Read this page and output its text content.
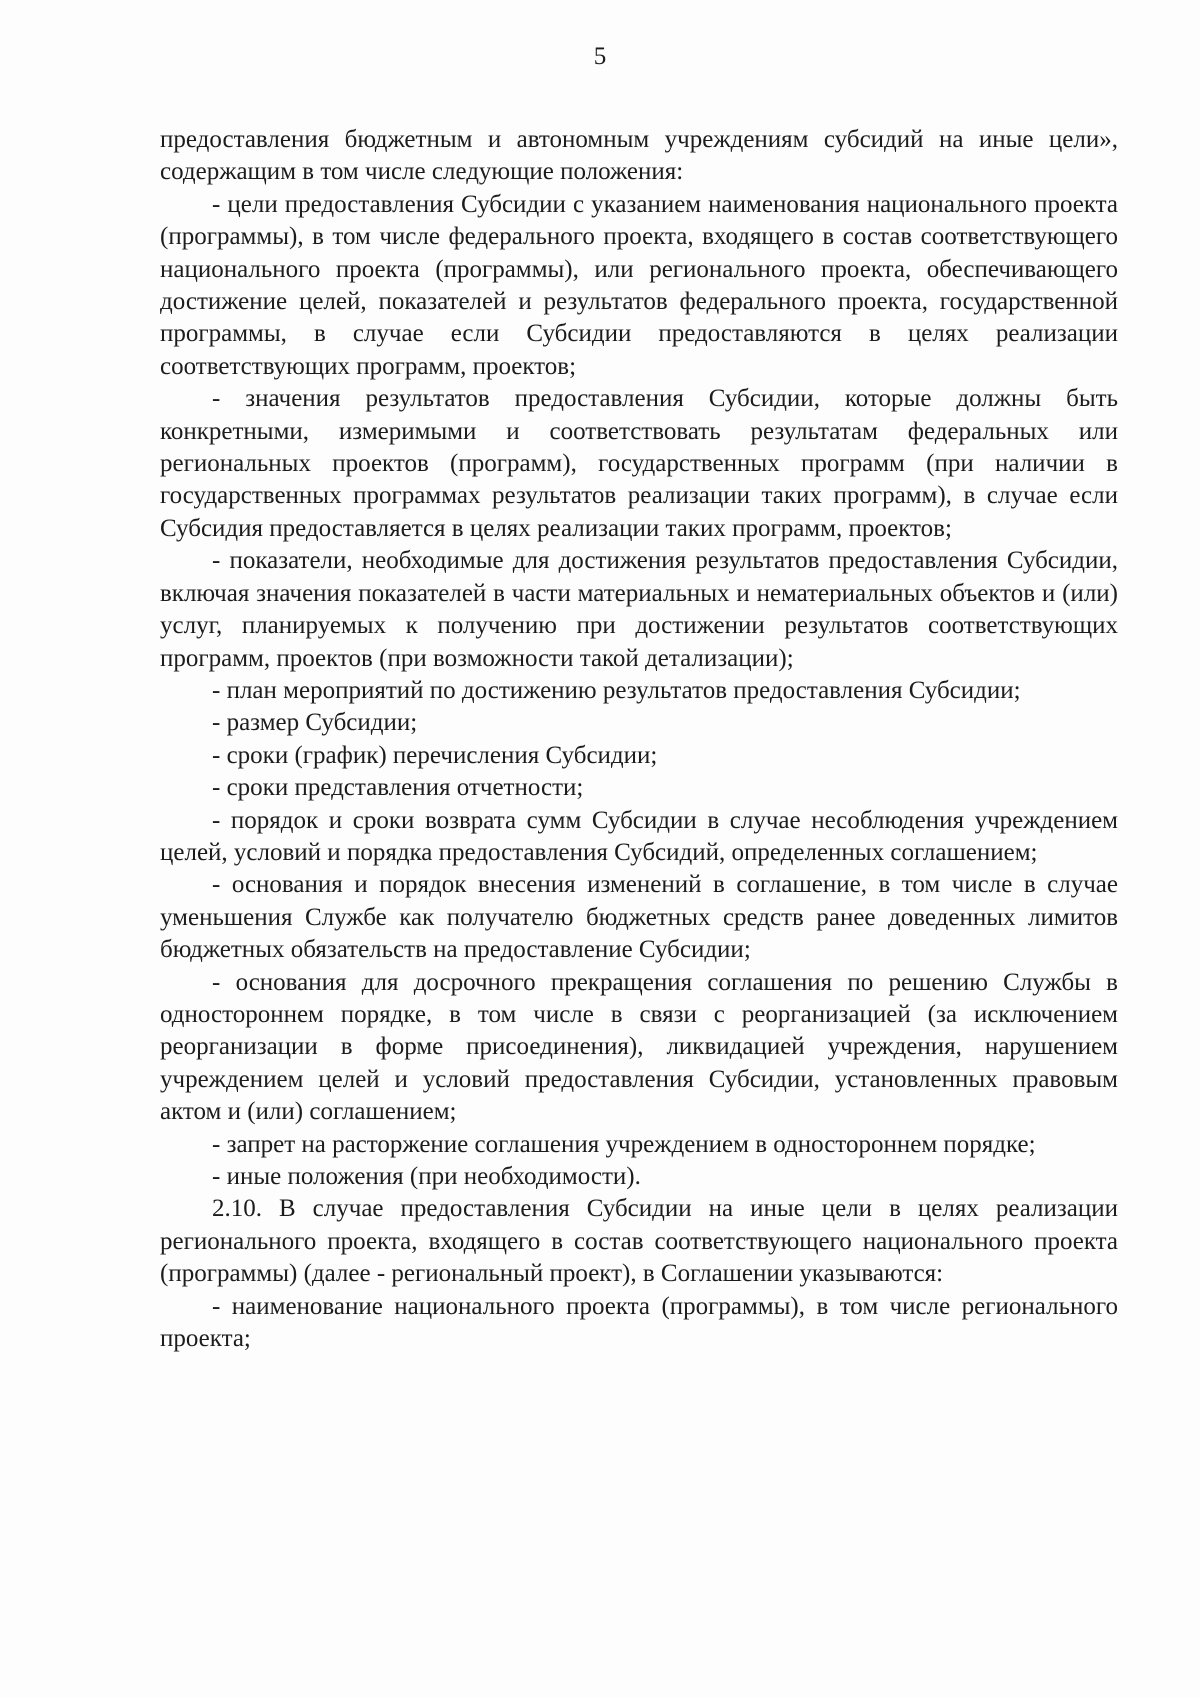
5

предоставления бюджетным и автономным учреждениям субсидий на иные цели», содержащим в том числе следующие положения:

- цели предоставления Субсидии с указанием наименования национального проекта (программы), в том числе федерального проекта, входящего в состав соответствующего национального проекта (программы), или регионального проекта, обеспечивающего достижение целей, показателей и результатов федерального проекта, государственной программы, в случае если Субсидии предоставляются в целях реализации соответствующих программ, проектов;

- значения результатов предоставления Субсидии, которые должны быть конкретными, измеримыми и соответствовать результатам федеральных или региональных проектов (программ), государственных программ (при наличии в государственных программах результатов реализации таких программ), в случае если Субсидия предоставляется в целях реализации таких программ, проектов;

- показатели, необходимые для достижения результатов предоставления Субсидии, включая значения показателей в части материальных и нематериальных объектов и (или) услуг, планируемых к получению при достижении результатов соответствующих программ, проектов (при возможности такой детализации);

- план мероприятий по достижению результатов предоставления Субсидии;

- размер Субсидии;

- сроки (график) перечисления Субсидии;

- сроки представления отчетности;

- порядок и сроки возврата сумм Субсидии в случае несоблюдения учреждением целей, условий и порядка предоставления Субсидий, определенных соглашением;

- основания и порядок внесения изменений в соглашение, в том числе в случае уменьшения Службе как получателю бюджетных средств ранее доведенных лимитов бюджетных обязательств на предоставление Субсидии;

- основания для досрочного прекращения соглашения по решению Службы в одностороннем порядке, в том числе в связи с реорганизацией (за исключением реорганизации в форме присоединения), ликвидацией учреждения, нарушением учреждением целей и условий предоставления Субсидии, установленных правовым актом и (или) соглашением;

- запрет на расторжение соглашения учреждением в одностороннем порядке;

- иные положения (при необходимости).

2.10. В случае предоставления Субсидии на иные цели в целях реализации регионального проекта, входящего в состав соответствующего национального проекта (программы) (далее - региональный проект), в Соглашении указываются:

- наименование национального проекта (программы), в том числе регионального проекта;
